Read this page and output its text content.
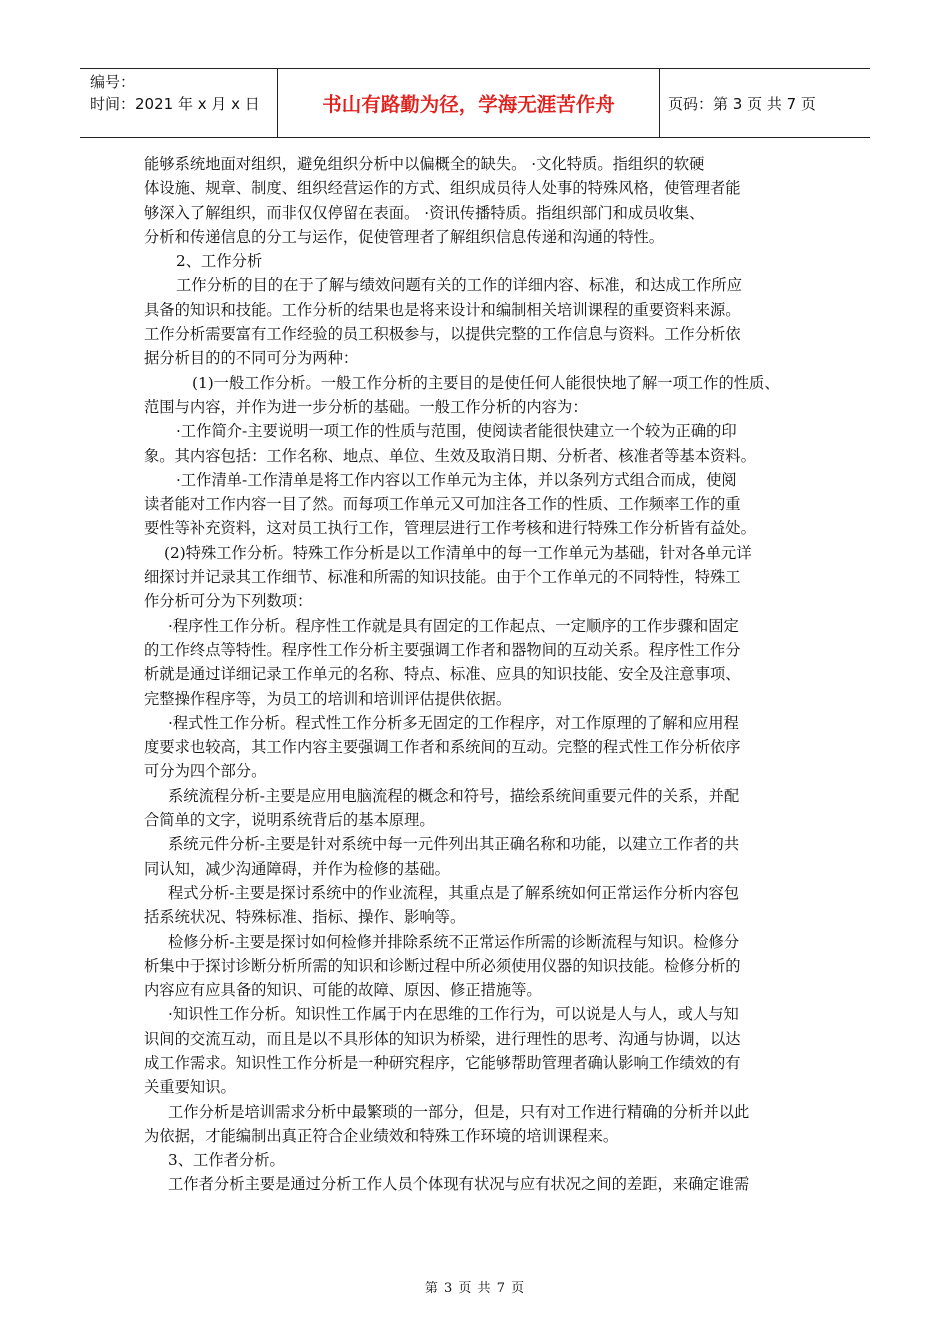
编号：
时间：2021 年 x 月 x 日	书山有路勤为径，学海无涯苦作舟	页码：第 3 页 共 7 页
能够系统地面对组织，避免组织分析中以偏概全的缺失。 ·文化特质。指组织的软硬
体设施、规章、制度、组织经营运作的方式、组织成员待人处事的特殊风格，使管理者能
够深入了解组织，而非仅仅停留在表面。 ·资讯传播特质。指组织部门和成员收集、
分析和传递信息的分工与运作，促使管理者了解组织信息传递和沟通的特性。
2、工作分析
工作分析的目的在于了解与绩效问题有关的工作的详细内容、标准，和达成工作所应
具备的知识和技能。工作分析的结果也是将来设计和编制相关培训课程的重要资料来源。
工作分析需要富有工作经验的员工积极参与，以提供完整的工作信息与资料。工作分析依
据分析目的的不同可分为两种：
(1)一般工作分析。一般工作分析的主要目的是使任何人能很快地了解一项工作的性质、
范围与内容，并作为进一步分析的基础。一般工作分析的内容为：
·工作简介-主要说明一项工作的性质与范围，使阅读者能很快建立一个较为正确的印
象。其内容包括：工作名称、地点、单位、生效及取消日期、分析者、核准者等基本资料。
·工作清单-工作清单是将工作内容以工作单元为主体，并以条列方式组合而成，使阅
读者能对工作内容一目了然。而每项工作单元又可加注各工作的性质、工作频率工作的重
要性等补充资料，这对员工执行工作，管理层进行工作考核和进行特殊工作分析皆有益处。
(2)特殊工作分析。特殊工作分析是以工作清单中的每一工作单元为基础，针对各单元详
细探讨并记录其工作细节、标准和所需的知识技能。由于个工作单元的不同特性，特殊工
作分析可分为下列数项：
·程序性工作分析。程序性工作就是具有固定的工作起点、一定顺序的工作步骤和固定
的工作终点等特性。程序性工作分析主要强调工作者和器物间的互动关系。程序性工作分
析就是通过详细记录工作单元的名称、特点、标准、应具的知识技能、安全及注意事项、
完整操作程序等，为员工的培训和培训评估提供依据。
·程式性工作分析。程式性工作分析多无固定的工作程序，对工作原理的了解和应用程
度要求也较高，其工作内容主要强调工作者和系统间的互动。完整的程式性工作分析依序
可分为四个部分。
系统流程分析-主要是应用电脑流程的概念和符号，描绘系统间重要元件的关系，并配
合简单的文字，说明系统背后的基本原理。
系统元件分析-主要是针对系统中每一元件列出其正确名称和功能，以建立工作者的共
同认知，减少沟通障碍，并作为检修的基础。
程式分析-主要是探讨系统中的作业流程，其重点是了解系统如何正常运作分析内容包
括系统状况、特殊标准、指标、操作、影响等。
检修分析-主要是探讨如何检修并排除系统不正常运作所需的诊断流程与知识。检修分
析集中于探讨诊断分析所需的知识和诊断过程中所必须使用仪器的知识技能。检修分析的
内容应有应具备的知识、可能的故障、原因、修正措施等。
·知识性工作分析。知识性工作属于内在思维的工作行为，可以说是人与人，或人与知
识间的交流互动，而且是以不具形体的知识为桥梁，进行理性的思考、沟通与协调，以达
成工作需求。知识性工作分析是一种研究程序，它能够帮助管理者确认影响工作绩效的有
关重要知识。
工作分析是培训需求分析中最繁琐的一部分，但是，只有对工作进行精确的分析并以此
为依据，才能编制出真正符合企业绩效和特殊工作环境的培训课程来。
3、工作者分析。
工作者分析主要是通过分析工作人员个体现有状况与应有状况之间的差距，来确定谁需
第 3 页 共 7 页
